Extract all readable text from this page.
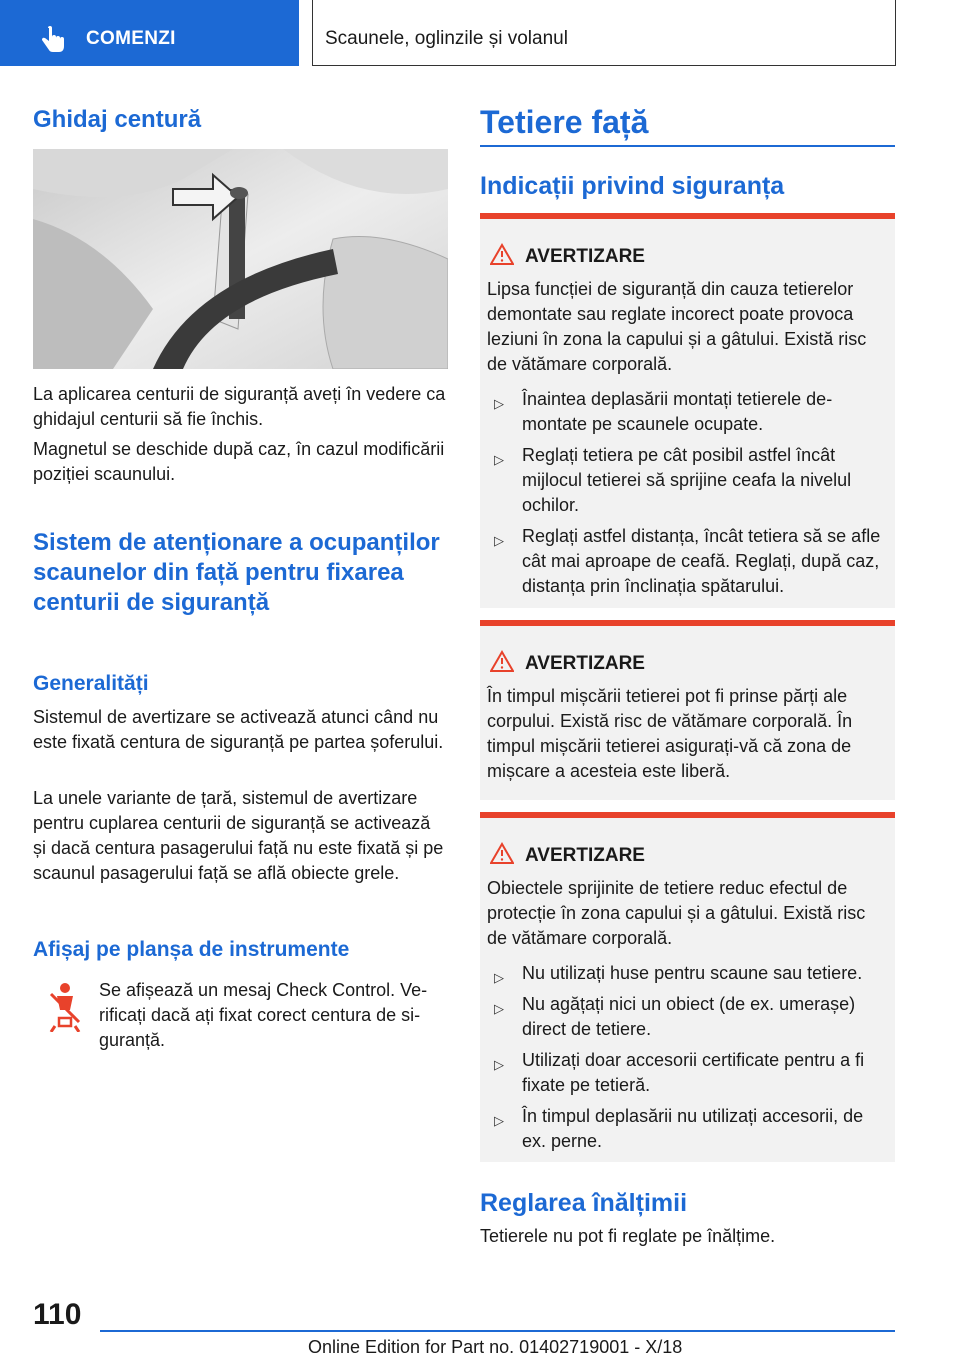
COMENZI	Scaunele, oglinzile și volanul
Ghidaj centură

La aplicarea centurii de siguranță aveți în vedere ca ghidajul centurii să fie închis.

Magnetul se deschide după caz, în cazul modificării poziției scaunului.

Sistem de atenționare a ocupanților scaunelor din față pentru fixarea centurii de siguranță
Generalități

Sistemul de avertizare se activează atunci când nu este fixată centura de siguranță pe partea șoferului.

La unele variante de țară, sistemul de avertizare pentru cuplarea centurii de siguranță se activează și dacă centura pasagerului față nu este fixată și pe scaunul pasagerului față se află obiecte grele.

Afișaj pe planșa de instrumente

Se afișează un mesaj Check Control. Verificați dacă ați fixat corect centura de siguranță.

Tetiere față
Indicații privind siguranța
AVERTIZARE
Lipsa funcției de siguranță din cauza tetierelor demontate sau reglate incorect poate provoca leziuni în zona la capului și a gâtului. Există risc de vătămare corporală.
▷ Înaintea deplasării montați tetierele demontate pe scaunele ocupate.
▷ Reglați tetiera pe cât posibil astfel încât mijlocul tetierei să sprijine ceafa la nivelul ochilor.
▷ Reglați astfel distanța, încât tetiera să se afle cât mai aproape de ceafă. Reglați, după caz, distanța prin înclinația spătarului.
AVERTIZARE
În timpul mișcării tetierei pot fi prinse părți ale corpului. Există risc de vătămare corporală. În timpul mișcării tetierei asigurați-vă că zona de mișcare a acesteia este liberă.
AVERTIZARE
Obiectele sprijinite de tetiere reduc efectul de protecție în zona capului și a gâtului. Există risc de vătămare corporală.
▷ Nu utilizați huse pentru scaune sau tetiere.
▷ Nu agățați nici un obiect (de ex. umerașe) direct de tetiere.
▷ Utilizați doar accesorii certificate pentru a fi fixate pe tetieră.
▷ În timpul deplasării nu utilizați accesorii, de ex. perne.
Reglarea înălțimii

Tetierele nu pot fi reglate pe înălțime.

110
Online Edition for Part no. 01402719001 - X/18
